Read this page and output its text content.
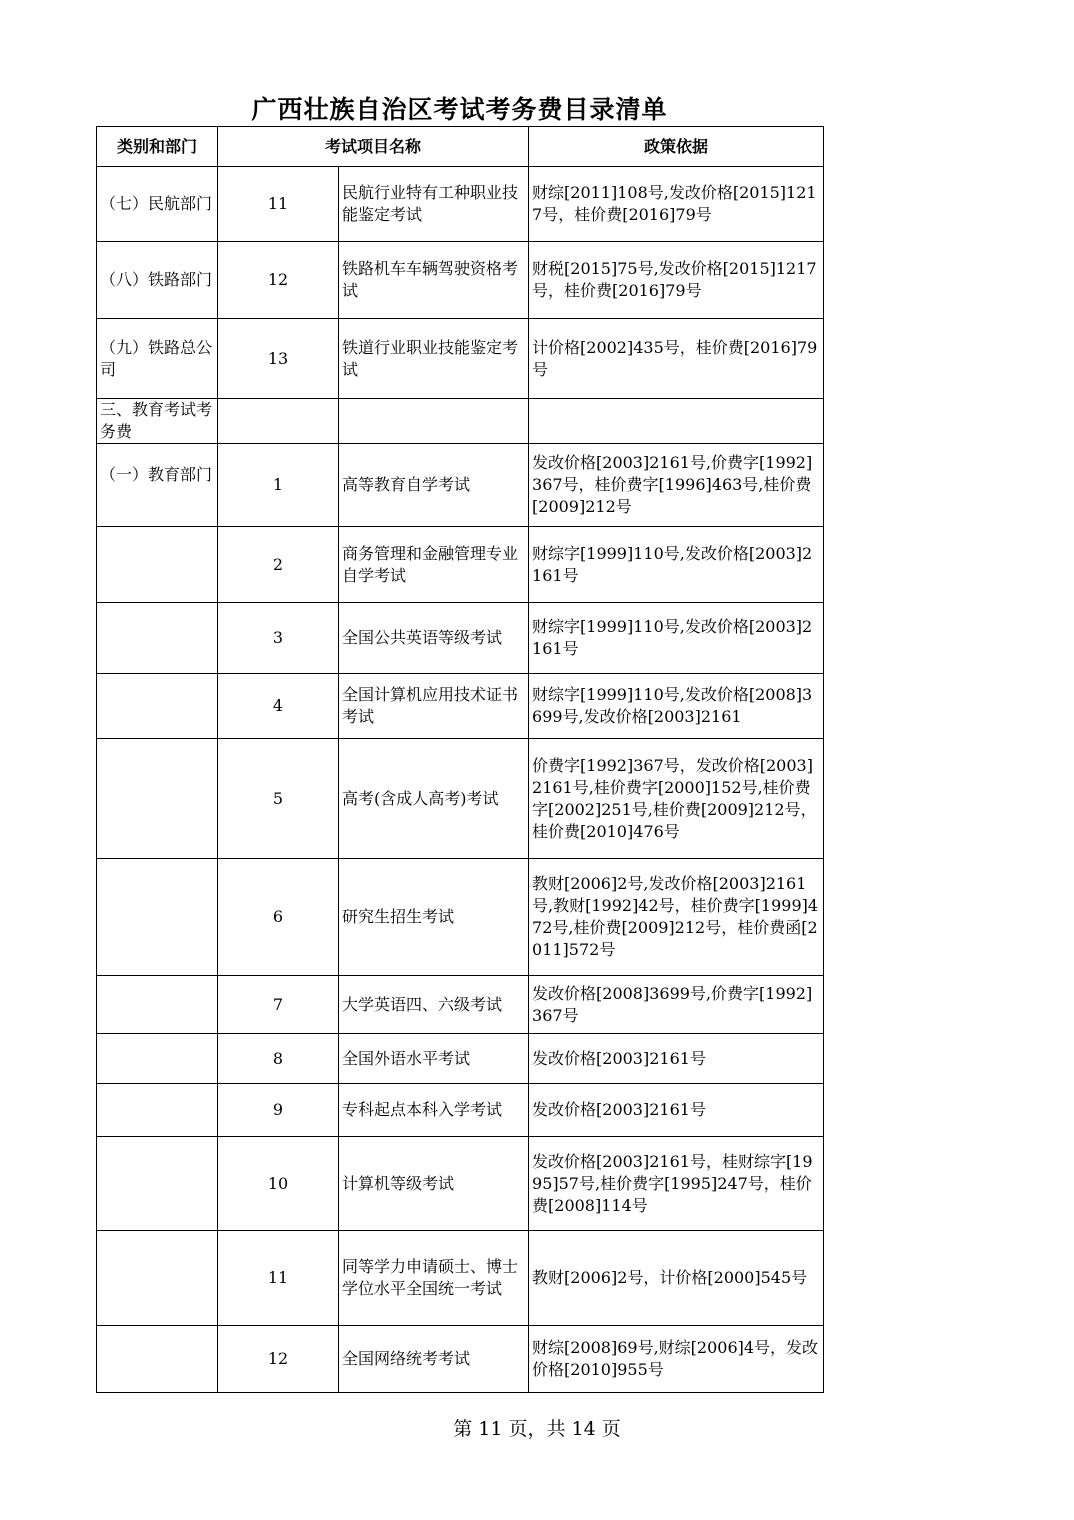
广西壮族自治区考试考务费目录清单
类别和部门	考试项目名称		政策依据
（七）民航部门	11	民航行业特有工种职业技能鉴定考试	财综[2011]108号,发改价格[2015]1217号，桂价费[2016]79号
（八）铁路部门	12	铁路机车车辆驾驶资格考试	财税[2015]75号,发改价格[2015]1217号，桂价费[2016]79号
（九）铁路总公司	13	铁道行业职业技能鉴定考试	计价格[2002]435号，桂价费[2016]79号
三、教育考试考务费			
（一）教育部门	1	高等教育自学考试	发改价格[2003]2161号,价费字[1992]367号，桂价费字[1996]463号,桂价费[2009]212号
	2	商务管理和金融管理专业自学考试	财综字[1999]110号,发改价格[2003]2161号
	3	全国公共英语等级考试	财综字[1999]110号,发改价格[2003]2161号
	4	全国计算机应用技术证书考试	财综字[1999]110号,发改价格[2008]3699号,发改价格[2003]2161
	5	高考(含成人高考)考试	价费字[1992]367号，发改价格[2003]2161号,桂价费字[2000]152号,桂价费字[2002]251号,桂价费[2009]212号，桂价费[2010]476号
	6	研究生招生考试	教财[2006]2号,发改价格[2003]2161号,教财[1992]42号，桂价费字[1999]472号,桂价费[2009]212号，桂价费函[2011]572号
	7	大学英语四、六级考试	发改价格[2008]3699号,价费字[1992]367号
	8	全国外语水平考试	发改价格[2003]2161号
	9	专科起点本科入学考试	发改价格[2003]2161号
	10	计算机等级考试	发改价格[2003]2161号，桂财综字[1995]57号,桂价费字[1995]247号，桂价费[2008]114号
	11	同等学力申请硕士、博士学位水平全国统一考试	教财[2006]2号，计价格[2000]545号
	12	全国网络统考考试	财综[2008]69号,财综[2006]4号，发改价格[2010]955号
第 11 页，共 14 页
